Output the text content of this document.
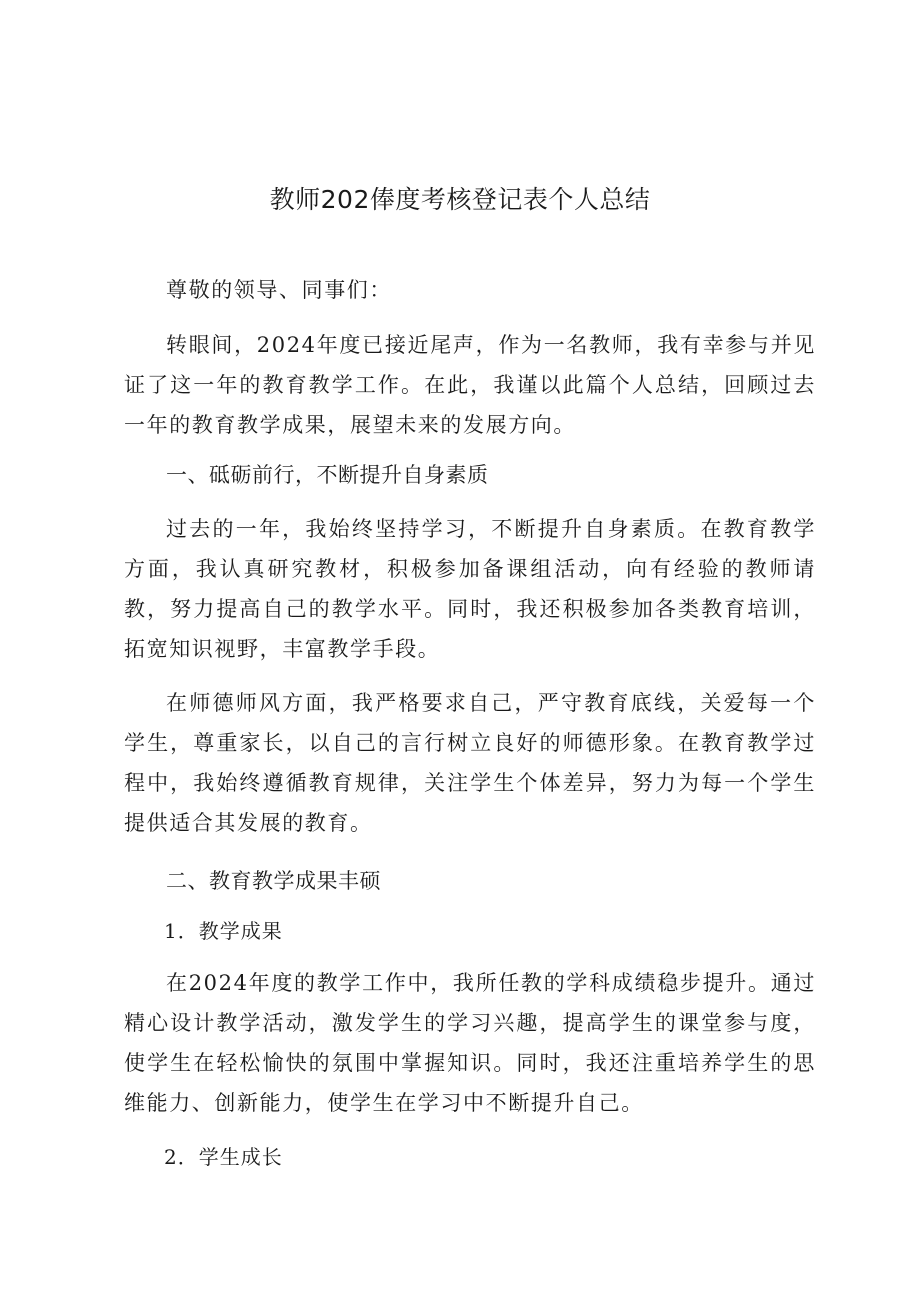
教师202俸度考核登记表个人总结

尊敬的领导、同事们：

转眼间，2024年度已接近尾声，作为一名教师，我有幸参与并见证了这一年的教育教学工作。在此，我谨以此篇个人总结，回顾过去一年的教育教学成果，展望未来的发展方向。

一、砥砺前行，不断提升自身素质

过去的一年，我始终坚持学习，不断提升自身素质。在教育教学方面，我认真研究教材，积极参加备课组活动，向有经验的教师请教，努力提高自己的教学水平。同时，我还积极参加各类教育培训，拓宽知识视野，丰富教学手段。

在师德师风方面，我严格要求自己，严守教育底线，关爱每一个学生，尊重家长，以自己的言行树立良好的师德形象。在教育教学过程中，我始终遵循教育规律，关注学生个体差异，努力为每一个学生提供适合其发展的教育。

二、教育教学成果丰硕
1．教学成果

在2024年度的教学工作中，我所任教的学科成绩稳步提升。通过精心设计教学活动，激发学生的学习兴趣，提高学生的课堂参与度，使学生在轻松愉快的氛围中掌握知识。同时，我还注重培养学生的思维能力、创新能力，使学生在学习中不断提升自己。

2．学生成长
